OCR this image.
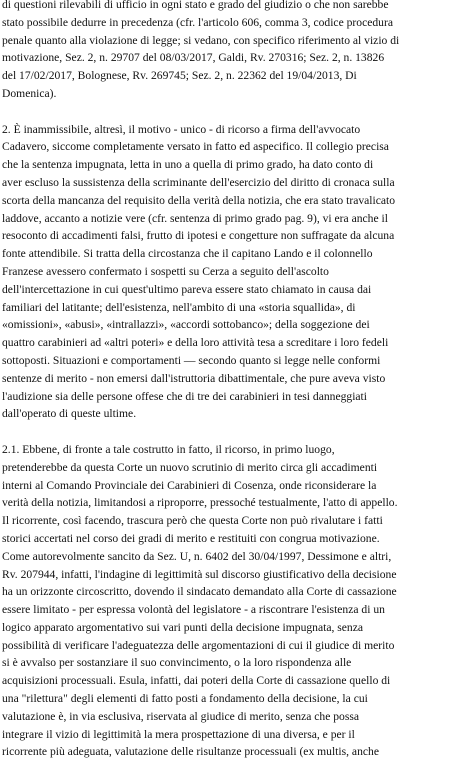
di questioni rilevabili di ufficio in ogni stato e grado del giudizio o che non sarebbe
stato possibile dedurre in precedenza (cfr. l'articolo 606, comma 3, codice procedura
penale quanto alla violazione di legge; si vedano, con specifico riferimento al vizio di
motivazione, Sez. 2, n. 29707 del 08/03/2017, Galdi, Rv. 270316; Sez. 2, n. 13826
del 17/02/2017, Bolognese, Rv. 269745; Sez. 2, n. 22362 del 19/04/2013, Di
Domenica).

2. È inammissibile, altresì, il motivo - unico - di ricorso a firma dell'avvocato
Cadavero, siccome completamente versato in fatto ed aspecifico. Il collegio precisa
che la sentenza impugnata, letta in uno a quella di primo grado, ha dato conto di
aver escluso la sussistenza della scriminante dell'esercizio del diritto di cronaca sulla
scorta della mancanza del requisito della verità della notizia, che era stato travalicato
laddove, accanto a notizie vere (cfr. sentenza di primo grado pag. 9), vi era anche il
resoconto di accadimenti falsi, frutto di ipotesi e congetture non suffragate da alcuna
fonte attendibile. Si tratta della circostanza che il capitano Lando e il colonnello
Franzese avessero confermato i sospetti su Cerza a seguito dell'ascolto
dell'intercettazione in cui quest'ultimo pareva essere stato chiamato in causa dai
familiari del latitante; dell'esistenza, nell'ambito di una «storia squallida», di
«omissioni», «abusi», «intrallazzi», «accordi sottobanco»; della soggezione dei
quattro carabinieri ad «altri poteri» e della loro attività tesa a screditare i loro fedeli
sottoposti. Situazioni e comportamenti — secondo quanto si legge nelle conformi
sentenze di merito - non emersi dall'istruttoria dibattimentale, che pure aveva visto
l'audizione sia delle persone offese che di tre dei carabinieri in tesi danneggiati
dall'operato di queste ultime.

2.1. Ebbene, di fronte a tale costrutto in fatto, il ricorso, in primo luogo,
pretenderebbe da questa Corte un nuovo scrutinio di merito circa gli accadimenti
interni al Comando Provinciale dei Carabinieri di Cosenza, onde riconsiderare la
verità della notizia, limitandosi a riproporre, pressoché testualmente, l'atto di appello.
Il ricorrente, così facendo, trascura però che questa Corte non può rivalutare i fatti
storici accertati nel corso dei gradi di merito e restituiti con congrua motivazione.
Come autorevolmente sancito da Sez. U, n. 6402 del 30/04/1997, Dessimone e altri,
Rv. 207944, infatti, l'indagine di legittimità sul discorso giustificativo della decisione
ha un orizzonte circoscritto, dovendo il sindacato demandato alla Corte di cassazione
essere limitato - per espressa volontà del legislatore - a riscontrare l'esistenza di un
logico apparato argomentativo sui vari punti della decisione impugnata, senza
possibilità di verificare l'adeguatezza delle argomentazioni di cui il giudice di merito
si è avvalso per sostanziare il suo convincimento, o la loro rispondenza alle
acquisizioni processuali. Esula, infatti, dai poteri della Corte di cassazione quello di
una "rilettura" degli elementi di fatto posti a fondamento della decisione, la cui
valutazione è, in via esclusiva, riservata al giudice di merito, senza che possa
integrare il vizio di legittimità la mera prospettazione di una diversa, e per il
ricorrente più adeguata, valutazione delle risultanze processuali (ex multis, anche
